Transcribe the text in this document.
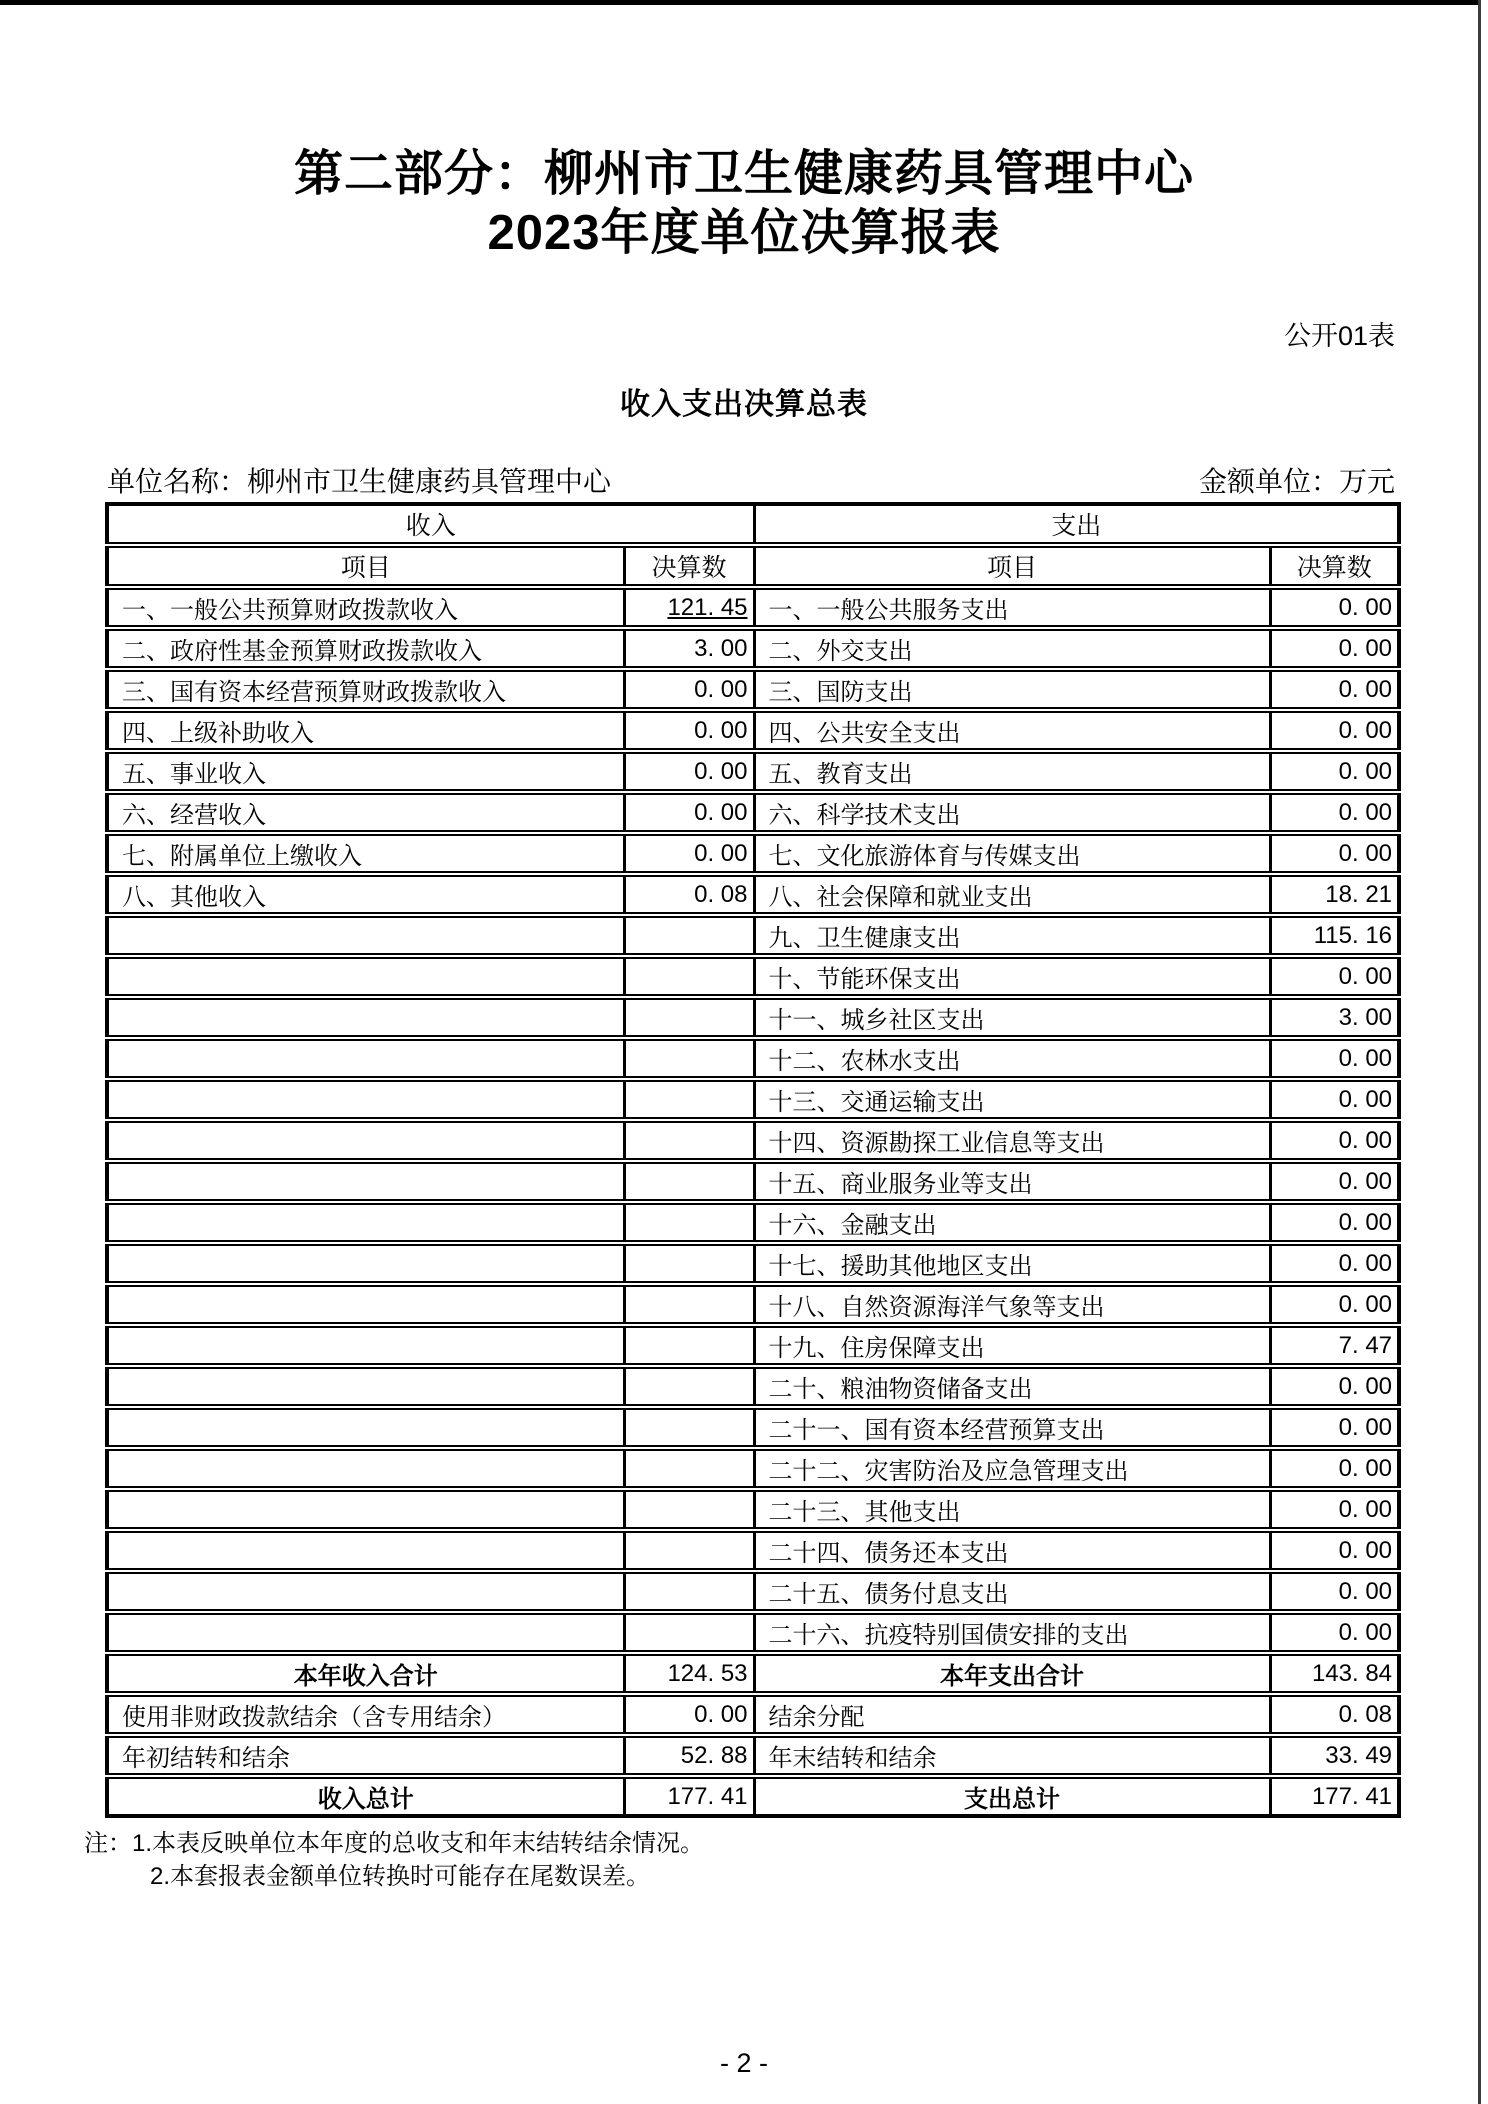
第二部分：柳州市卫生健康药具管理中心
2023年度单位决算报表
公开01表
收入支出决算总表
单位名称：柳州市卫生健康药具管理中心	金额单位：万元
收入		支出	
项目	决算数	项目	决算数
一、一般公共预算财政拨款收入	121. 45	一、一般公共服务支出	0. 00
二、政府性基金预算财政拨款收入	3. 00	二、外交支出	0. 00
三、国有资本经营预算财政拨款收入	0. 00	三、国防支出	0. 00
四、上级补助收入	0. 00	四、公共安全支出	0. 00
五、事业收入	0. 00	五、教育支出	0. 00
六、经营收入	0. 00	六、科学技术支出	0. 00
七、附属单位上缴收入	0. 00	七、文化旅游体育与传媒支出	0. 00
八、其他收入	0. 08	八、社会保障和就业支出	18. 21
		九、卫生健康支出	115. 16
		十、节能环保支出	0. 00
		十一、城乡社区支出	3. 00
		十二、农林水支出	0. 00
		十三、交通运输支出	0. 00
		十四、资源勘探工业信息等支出	0. 00
		十五、商业服务业等支出	0. 00
		十六、金融支出	0. 00
		十七、援助其他地区支出	0. 00
		十八、自然资源海洋气象等支出	0. 00
		十九、住房保障支出	7. 47
		二十、粮油物资储备支出	0. 00
		二十一、国有资本经营预算支出	0. 00
		二十二、灾害防治及应急管理支出	0. 00
		二十三、其他支出	0. 00
		二十四、债务还本支出	0. 00
		二十五、债务付息支出	0. 00
		二十六、抗疫特别国债安排的支出	0. 00
本年收入合计	124. 53	本年支出合计	143. 84
使用非财政拨款结余（含专用结余）	0. 00	结余分配	0. 08
年初结转和结余	52. 88	年末结转和结余	33. 49
收入总计	177. 41	支出总计	177. 41
注：1.本表反映单位本年度的总收支和年末结转结余情况。
2.本套报表金额单位转换时可能存在尾数误差。
- 2 -
